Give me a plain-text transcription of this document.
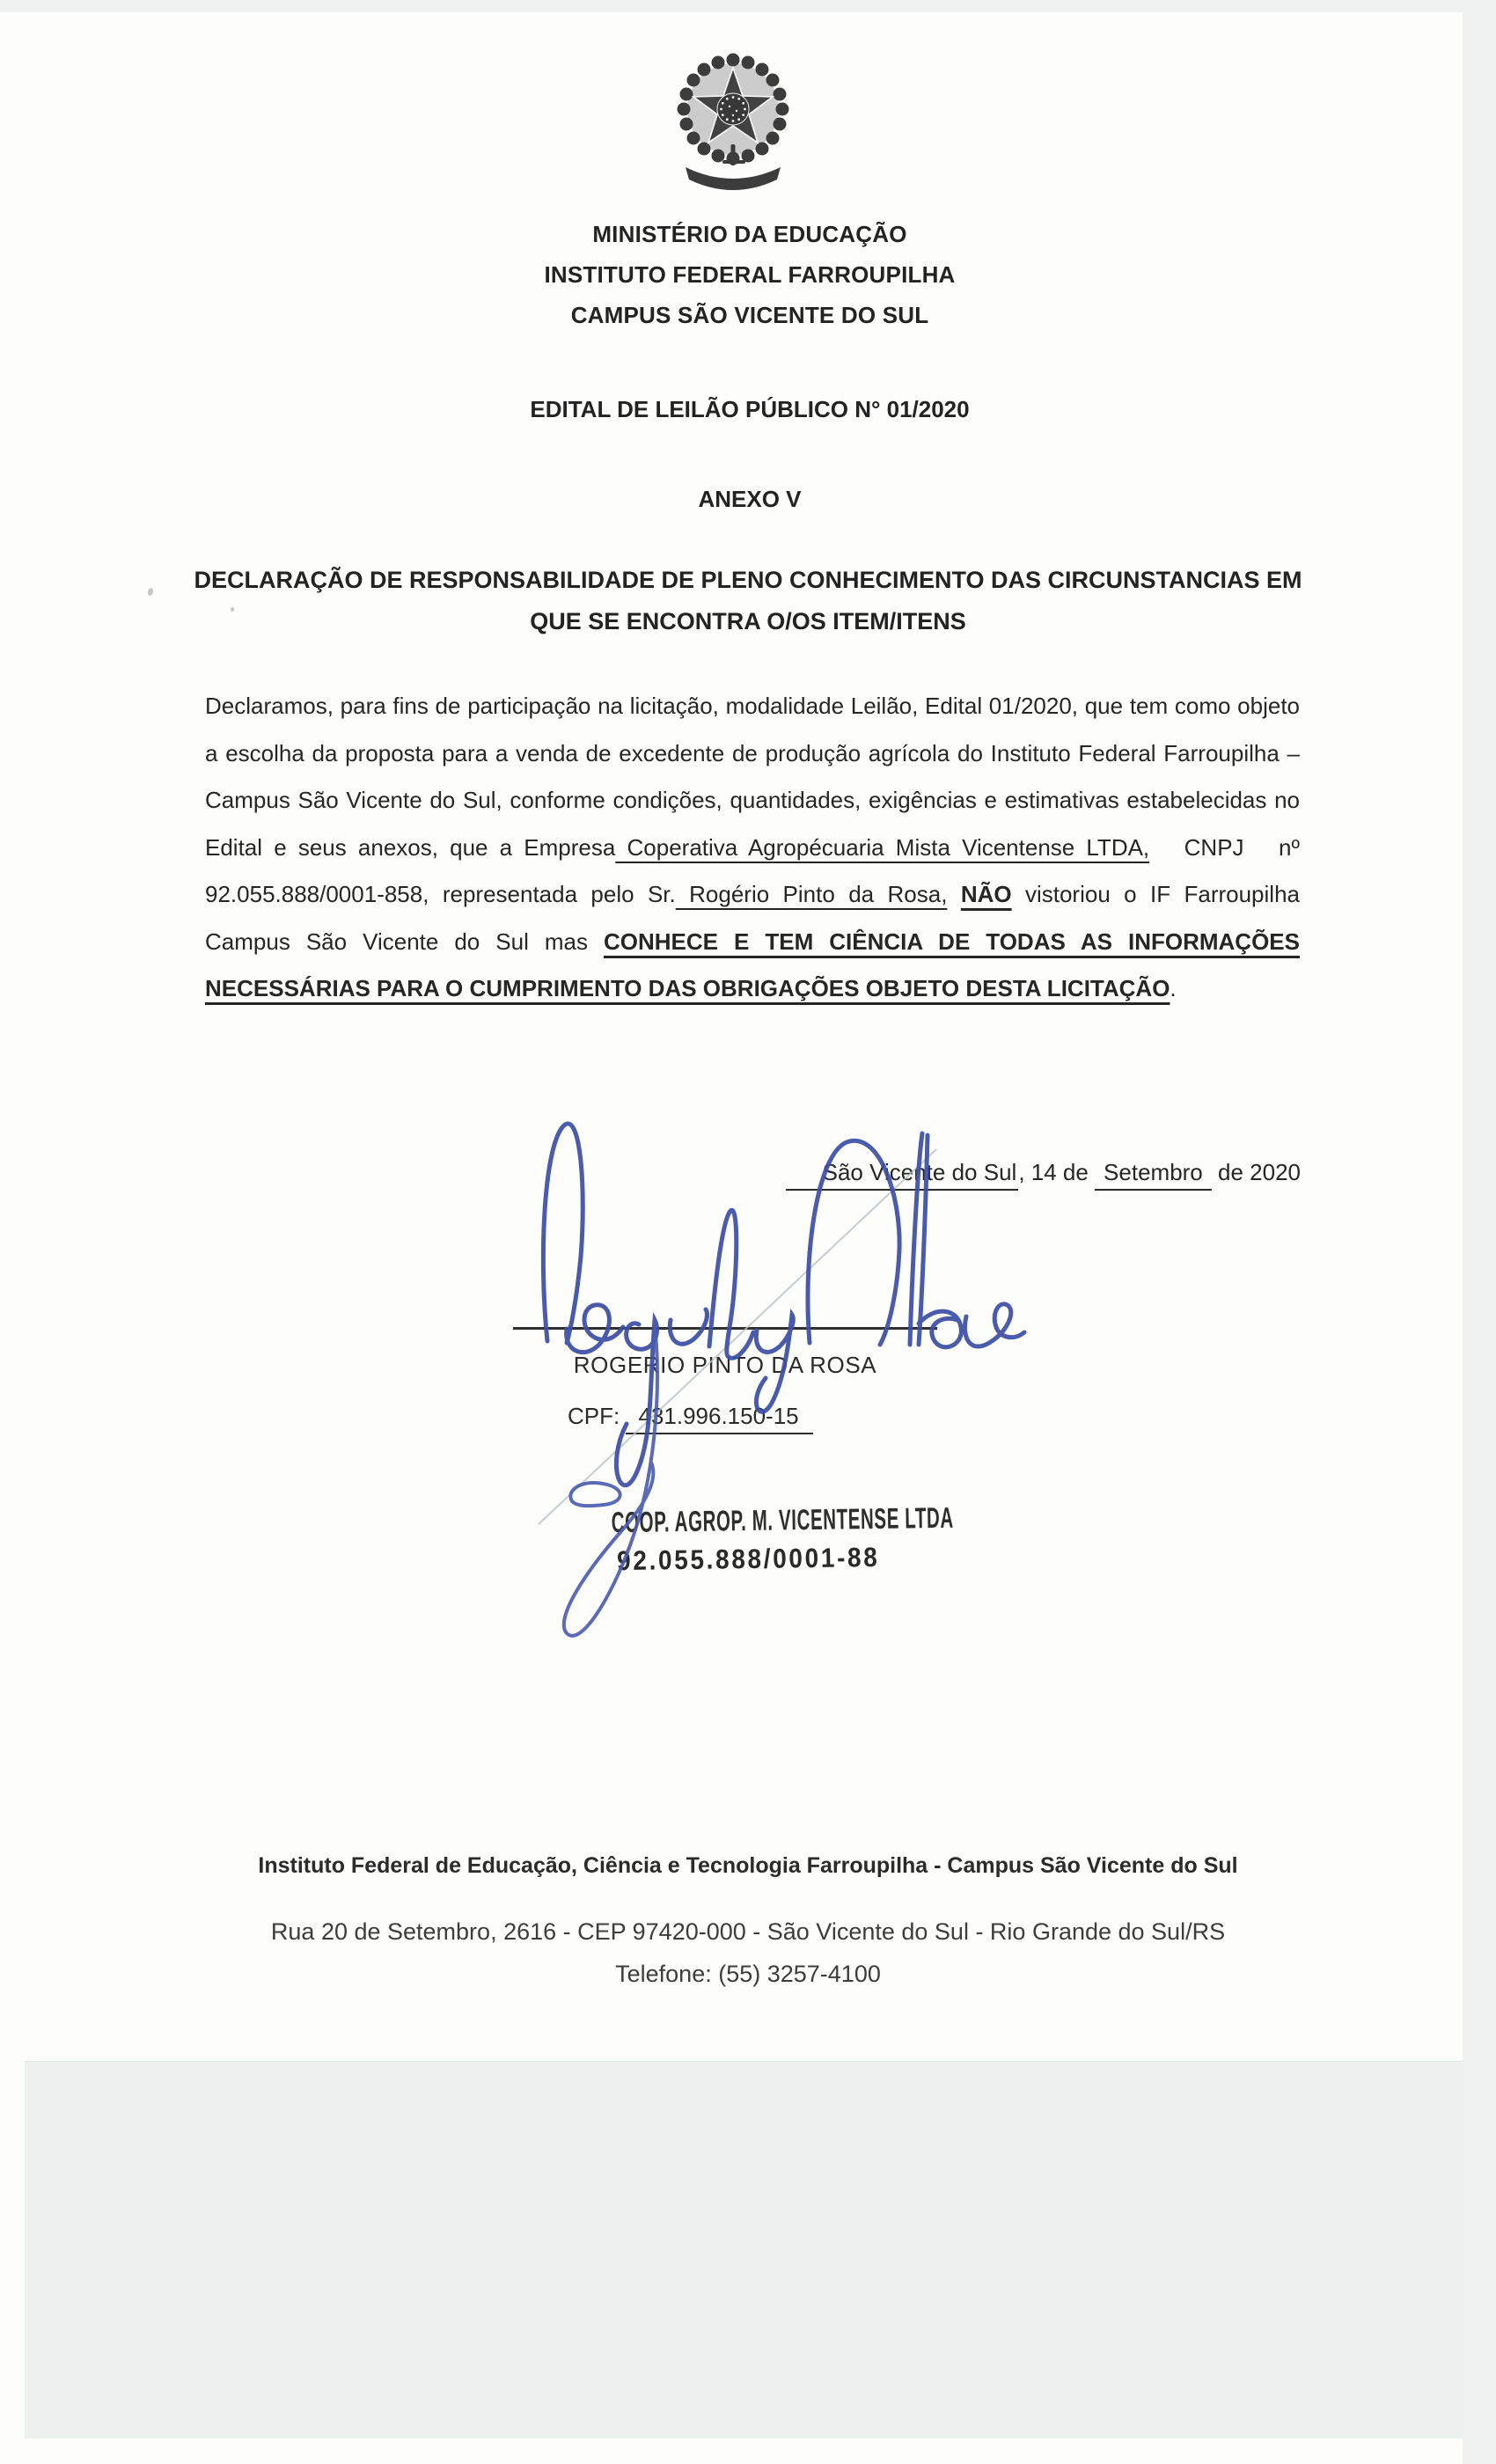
MINISTÉRIO DA EDUCAÇÃO
INSTITUTO FEDERAL FARROUPILHA
CAMPUS SÃO VICENTE DO SUL
EDITAL DE LEILÃO PÚBLICO N° 01/2020
ANEXO V
DECLARAÇÃO DE RESPONSABILIDADE DE PLENO CONHECIMENTO DAS CIRCUNSTANCIAS EM
QUE SE ENCONTRA O/OS ITEM/ITENS

Declaramos, para fins de participação na licitação, modalidade Leilão, Edital 01/2020, que tem como objeto a escolha da proposta para a venda de excedente de produção agrícola do Instituto Federal Farroupilha – Campus São Vicente do Sul, conforme condições, quantidades, exigências e estimativas estabelecidas no Edital e seus anexos, que a Empresa Coperativa Agropécuaria Mista Vicentense LTDA,   CNPJ   nº 92.055.888/0001-858, representada pelo Sr. Rogério Pinto da Rosa, NÃO vistoriou o IF Farroupilha Campus São Vicente do Sul mas CONHECE E TEM CIÊNCIA DE TODAS AS INFORMAÇÕES NECESSÁRIAS PARA O CUMPRIMENTO DAS OBRIGAÇÕES OBJETO DESTA LICITAÇÃO.

São Vicente do Sul, 14 de Setembro de 2020
ROGERIO PINTO DA ROSA
CPF: 431.996.150-15
COOP. AGROP. M. VICENTENSE LTDA
92.055.888/0001-88
Instituto Federal de Educação, Ciência e Tecnologia Farroupilha - Campus São Vicente do Sul
Rua 20 de Setembro, 2616 - CEP 97420-000 - São Vicente do Sul - Rio Grande do Sul/RS
Telefone: (55) 3257-4100
